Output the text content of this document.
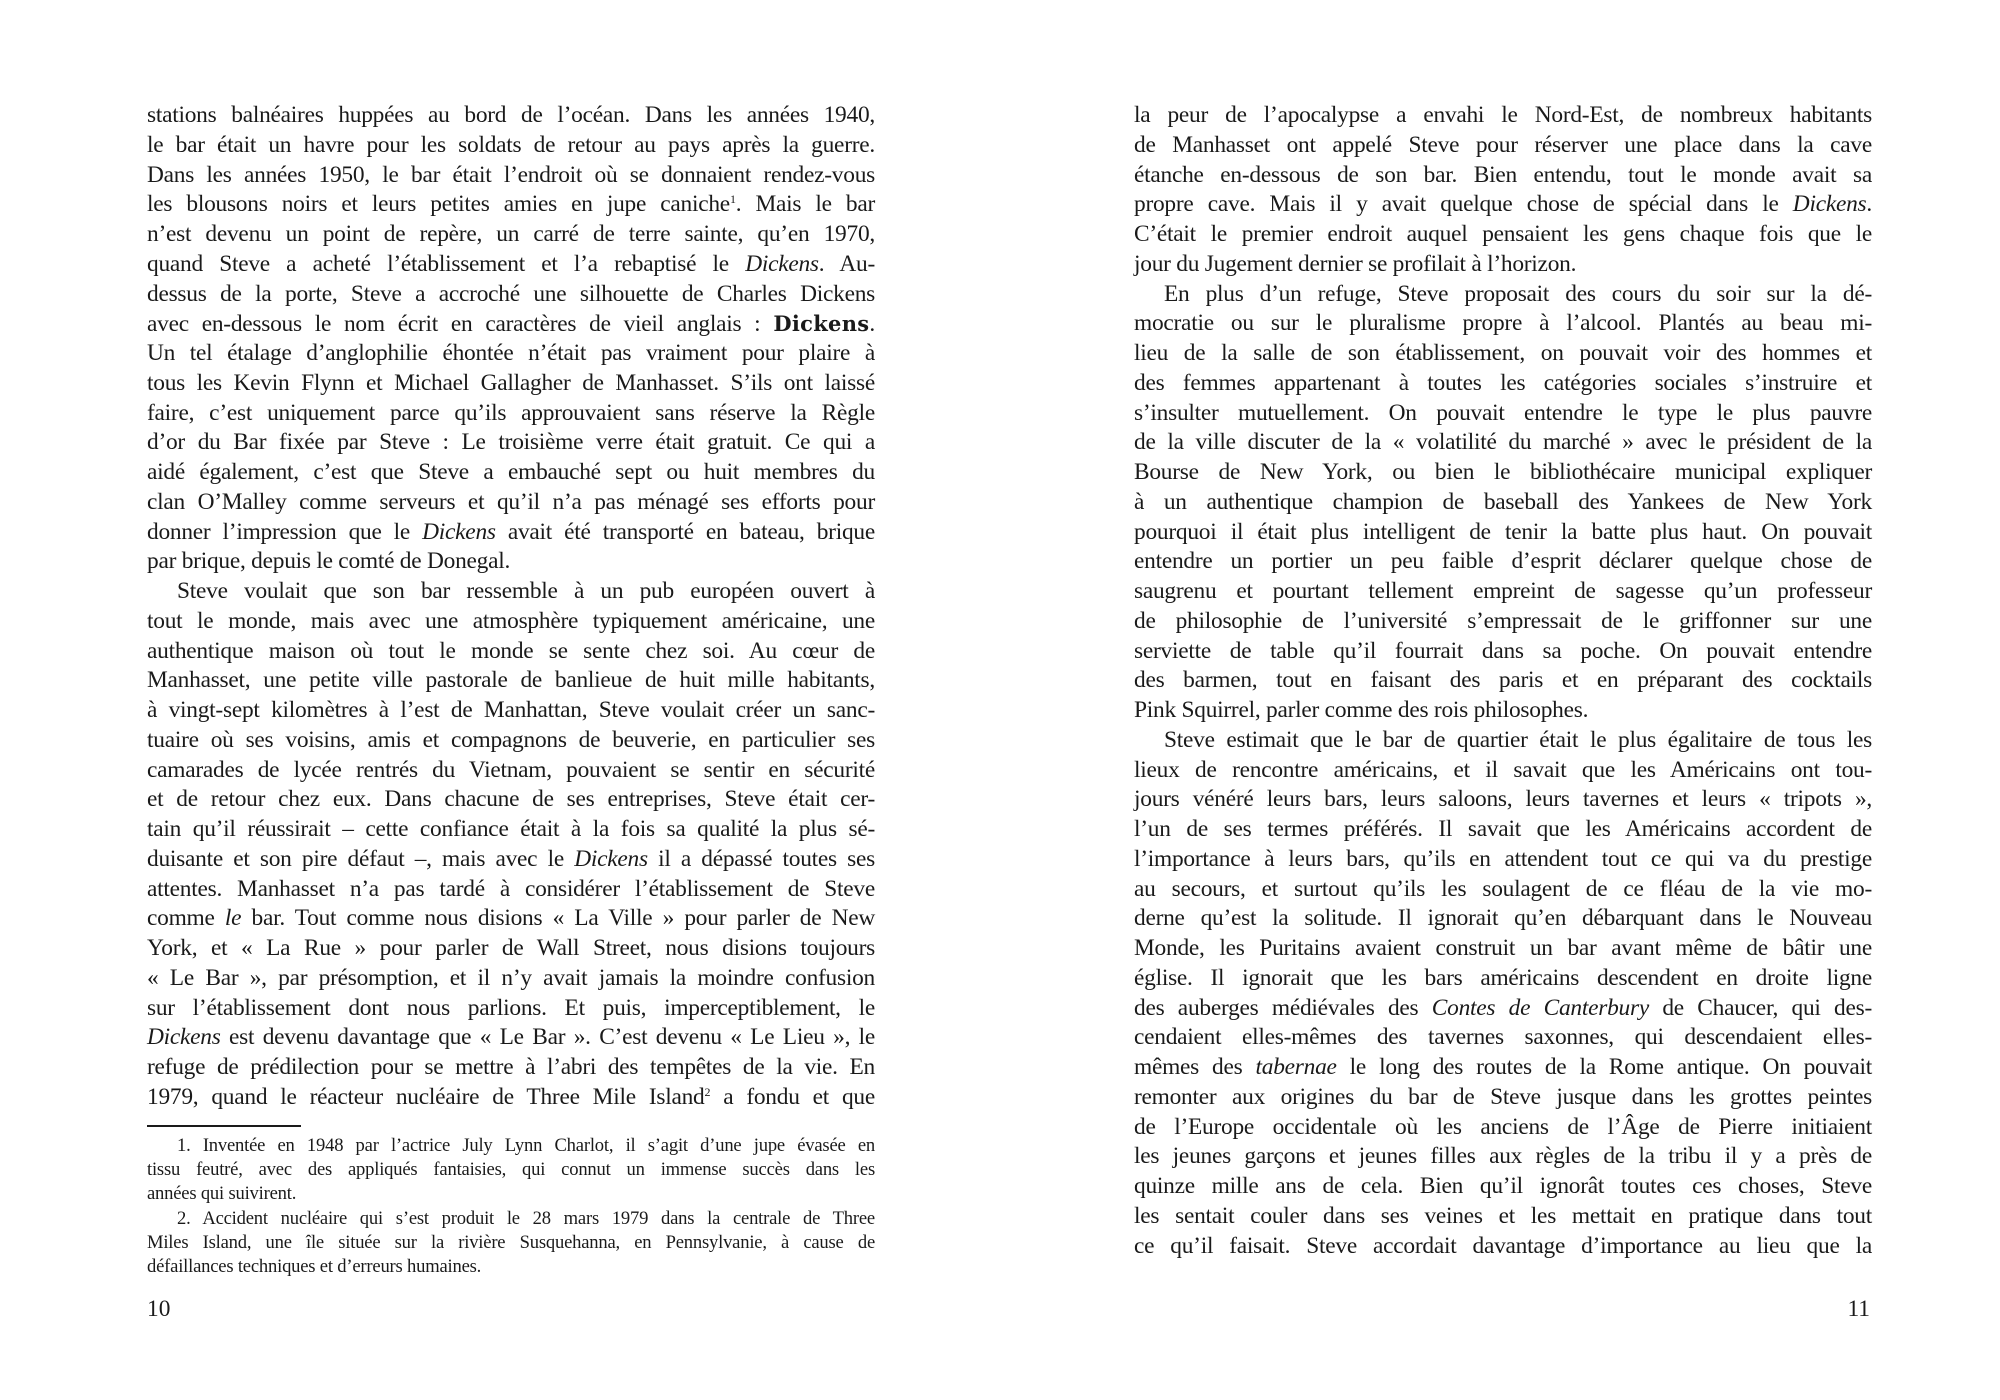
stations balnéaires huppées au bord de l’océan. Dans les années 1940,
le bar était un havre pour les soldats de retour au pays après la guerre.
Dans les années 1950, le bar était l’endroit où se donnaient rendez-vous
les blousons noirs et leurs petites amies en jupe caniche$^1$. Mais le bar
n’est devenu un point de repère, un carré de terre sainte, qu’en 1970,
quand Steve a acheté l’établissement et l’a rebaptisé le Dickens. Au-
dessus de la porte, Steve a accroché une silhouette de Charles Dickens
avec en-dessous le nom écrit en caractères de vieil anglais : Dickens.
Un tel étalage d’anglophilie éhontée n’était pas vraiment pour plaire à
tous les Kevin Flynn et Michael Gallagher de Manhasset. S’ils ont laissé
faire, c’est uniquement parce qu’ils approuvaient sans réserve la Règle
d’or du Bar fixée par Steve : Le troisième verre était gratuit. Ce qui a
aidé également, c’est que Steve a embauché sept ou huit membres du
clan O’Malley comme serveurs et qu’il n’a pas ménagé ses efforts pour
donner l’impression que le Dickens avait été transporté en bateau, brique
par brique, depuis le comté de Donegal.
Steve voulait que son bar ressemble à un pub européen ouvert à
tout le monde, mais avec une atmosphère typiquement américaine, une
authentique maison où tout le monde se sente chez soi. Au cœur de
Manhasset, une petite ville pastorale de banlieue de huit mille habitants,
à vingt-sept kilomètres à l’est de Manhattan, Steve voulait créer un sanc-
tuaire où ses voisins, amis et compagnons de beuverie, en particulier ses
camarades de lycée rentrés du Vietnam, pouvaient se sentir en sécurité
et de retour chez eux. Dans chacune de ses entreprises, Steve était cer-
tain qu’il réussirait – cette confiance était à la fois sa qualité la plus sé-
duisante et son pire défaut –, mais avec le Dickens il a dépassé toutes ses
attentes. Manhasset n’a pas tardé à considérer l’établissement de Steve
comme le bar. Tout comme nous disions « La Ville » pour parler de New
York, et « La Rue » pour parler de Wall Street, nous disions toujours
« Le Bar », par présomption, et il n’y avait jamais la moindre confusion
sur l’établissement dont nous parlions. Et puis, imperceptiblement, le
Dickens est devenu davantage que « Le Bar ». C’est devenu « Le Lieu », le
refuge de prédilection pour se mettre à l’abri des tempêtes de la vie. En
1979, quand le réacteur nucléaire de Three Mile Island$^2$ a fondu et que
1. Inventée en 1948 par l’actrice July Lynn Charlot, il s’agit d’une jupe évasée en
tissu feutré, avec des appliqués fantaisies, qui connut un immense succès dans les
années qui suivirent.
2. Accident nucléaire qui s’est produit le 28 mars 1979 dans la centrale de Three
Miles Island, une île située sur la rivière Susquehanna, en Pennsylvanie, à cause de
défaillances techniques et d’erreurs humaines.
10
la peur de l’apocalypse a envahi le Nord-Est, de nombreux habitants
de Manhasset ont appelé Steve pour réserver une place dans la cave
étanche en-dessous de son bar. Bien entendu, tout le monde avait sa
propre cave. Mais il y avait quelque chose de spécial dans le Dickens.
C’était le premier endroit auquel pensaient les gens chaque fois que le
jour du Jugement dernier se profilait à l’horizon.
En plus d’un refuge, Steve proposait des cours du soir sur la dé-
mocratie ou sur le pluralisme propre à l’alcool. Plantés au beau mi-
lieu de la salle de son établissement, on pouvait voir des hommes et
des femmes appartenant à toutes les catégories sociales s’instruire et
s’insulter mutuellement. On pouvait entendre le type le plus pauvre
de la ville discuter de la « volatilité du marché » avec le président de la
Bourse de New York, ou bien le bibliothécaire municipal expliquer
à un authentique champion de baseball des Yankees de New York
pourquoi il était plus intelligent de tenir la batte plus haut. On pouvait
entendre un portier un peu faible d’esprit déclarer quelque chose de
saugrenu et pourtant tellement empreint de sagesse qu’un professeur
de philosophie de l’université s’empressait de le griffonner sur une
serviette de table qu’il fourrait dans sa poche. On pouvait entendre
des barmen, tout en faisant des paris et en préparant des cocktails
Pink Squirrel, parler comme des rois philosophes.
Steve estimait que le bar de quartier était le plus égalitaire de tous les
lieux de rencontre américains, et il savait que les Américains ont tou-
jours vénéré leurs bars, leurs saloons, leurs tavernes et leurs « tripots »,
l’un de ses termes préférés. Il savait que les Américains accordent de
l’importance à leurs bars, qu’ils en attendent tout ce qui va du prestige
au secours, et surtout qu’ils les soulagent de ce fléau de la vie mo-
derne qu’est la solitude. Il ignorait qu’en débarquant dans le Nouveau
Monde, les Puritains avaient construit un bar avant même de bâtir une
église. Il ignorait que les bars américains descendent en droite ligne
des auberges médiévales des Contes de Canterbury de Chaucer, qui des-
cendaient elles-mêmes des tavernes saxonnes, qui descendaient elles-
mêmes des tabernae le long des routes de la Rome antique. On pouvait
remonter aux origines du bar de Steve jusque dans les grottes peintes
de l’Europe occidentale où les anciens de l’Âge de Pierre initiaient
les jeunes garçons et jeunes filles aux règles de la tribu il y a près de
quinze mille ans de cela. Bien qu’il ignorât toutes ces choses, Steve
les sentait couler dans ses veines et les mettait en pratique dans tout
ce qu’il faisait. Steve accordait davantage d’importance au lieu que la
11
